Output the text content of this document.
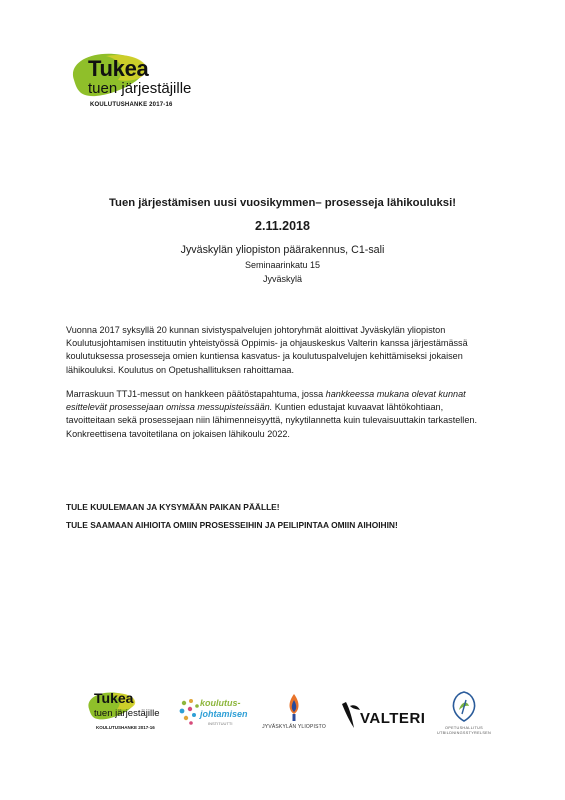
Tukea
tuen järjestäjille
KOULUTUSHANKE 2017-16
Tuen järjestämisen uusi vuosikymmen– prosesseja lähikouluksi!
2.11.2018
Jyväskylän yliopiston päärakennus, C1-sali
Seminaarinkatu 15
Jyväskylä
Vuonna 2017 syksyllä 20 kunnan sivistyspalvelujen johtoryhmät aloittivat Jyväskylän yliopiston Koulutusjohtamisen instituutin yhteistyössä Oppimis- ja ohjauskeskus Valterin kanssa järjestämässä koulutuksessa prosesseja omien kuntiensa kasvatus- ja koulutuspalvelujen kehittämiseksi jokaisen lähikouluksi. Koulutus on Opetushallituksen rahoittamaa.
Marraskuun TTJ1-messut on hankkeen päätöstapahtuma, jossa hankkeessa mukana olevat kunnat esittelevät prosessejaan omissa messupisteissään. Kuntien edustajat kuvaavat lähtökohtiaan, tavoitteitaan sekä prosessejaan niin lähimenneisyyttä, nykytilannetta kuin tulevaisuuttakin tarkastellen. Konkreettisena tavoitetilana on jokaisen lähikoulu 2022.
TULE KUULEMAAN JA KYSYMÄÄN PAIKAN PÄÄLLE!
TULE SAAMAAN AIHIOITA OMIIN PROSESSEIHIN JA PEILIPINTAA OMIIN AIHOIHIN!
Tukea
tuen järjestäjille
KOULUTUSHANKE 2017-16
koulutus-
johtamisen
INSTITUUTTI
JYVÄSKYLÄN YLIOPISTO VALTERI
OPETUSHALLITUS
UTBILDNINGSSTYRELSEN
